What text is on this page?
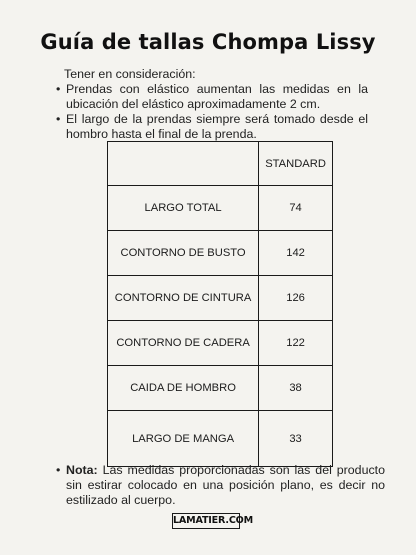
Guía de tallas Chompa Lissy
Tener en consideración:
• Prendas con elástico aumentan las medidas en la ubicación del elástico aproximadamente 2 cm.
• El largo de la prendas siempre será tomado desde el hombro hasta el final de la prenda.
	STANDARD
LARGO TOTAL	74
CONTORNO DE BUSTO	142
CONTORNO DE CINTURA	126
CONTORNO DE CADERA	122
CAIDA DE HOMBRO	38
LARGO DE MANGA	33
• Nota: Las medidas proporcionadas son las del producto sin estirar colocado en una posición plano, es decir no estilizado al cuerpo.
LAMATIER.COM
